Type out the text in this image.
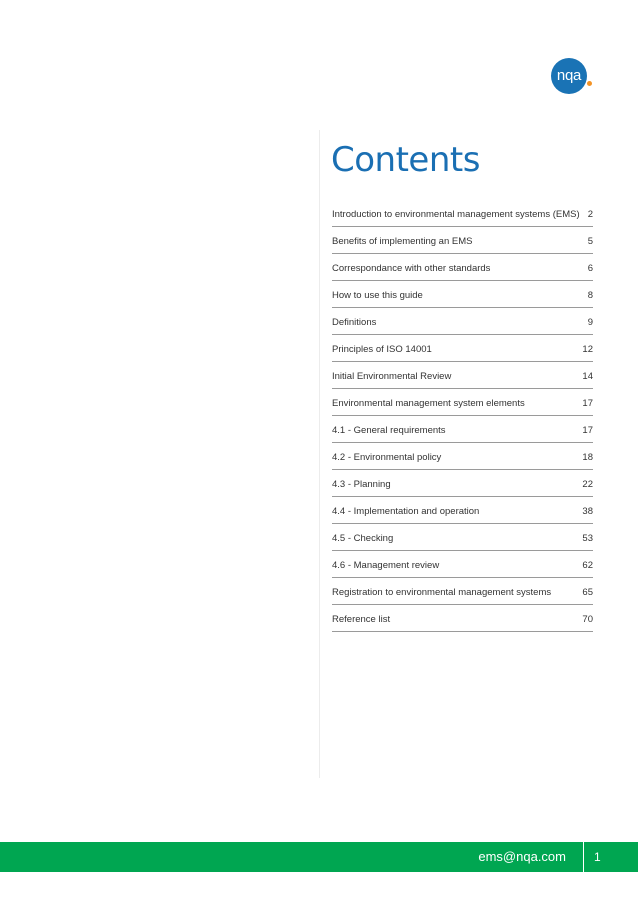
nqa
Contents
Introduction to environmental management systems (EMS) 2
Benefits of implementing an EMS	5
Correspondance with other standards	6
How to use this guide	8
Definitions	9
Principles of ISO 14001	12
Initial Environmental Review	14
Environmental management system elements	17
4.1 - General requirements	17
4.2 - Environmental policy	18
4.3 - Planning	22
4.4 - Implementation and operation	38
4.5 - Checking	53
4.6 - Management review	62
Registration to environmental management systems	65
Reference list	70
ems@nqa.com 1
